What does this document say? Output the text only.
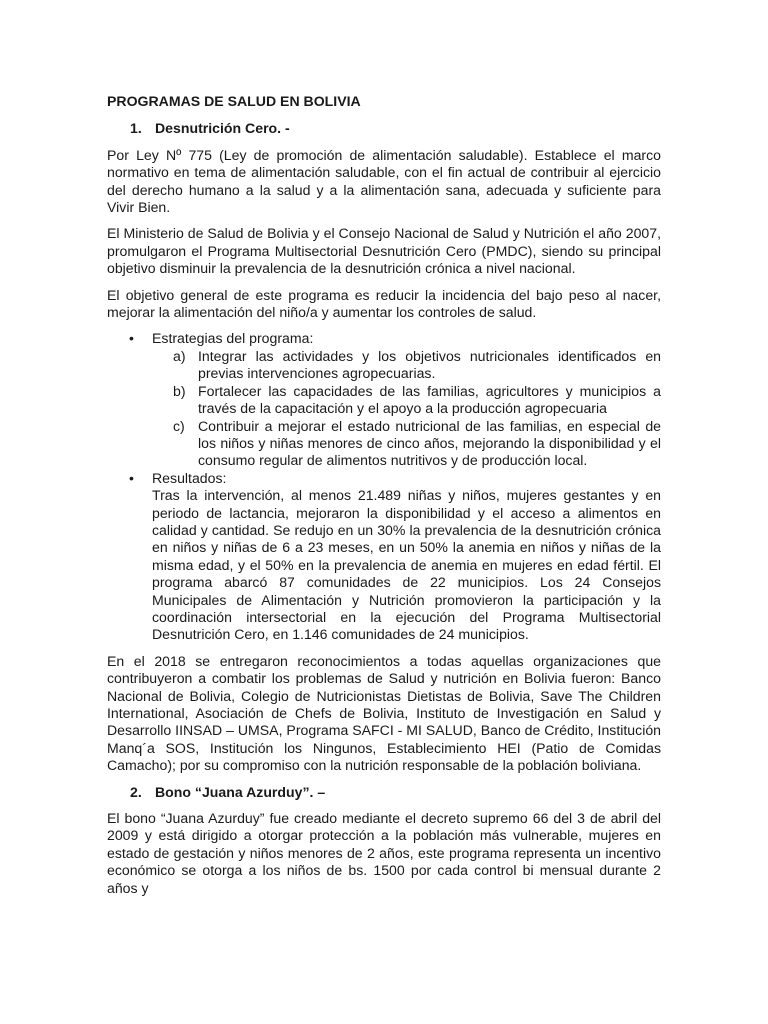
PROGRAMAS DE SALUD EN BOLIVIA

1. Desnutrición Cero. -

Por Ley Nº 775 (Ley de promoción de alimentación saludable). Establece el marco normativo en tema de alimentación saludable, con el fin actual de contribuir al ejercicio del derecho humano a la salud y a la alimentación sana, adecuada y suficiente para Vivir Bien.

El Ministerio de Salud de Bolivia y el Consejo Nacional de Salud y Nutrición el año 2007, promulgaron el Programa Multisectorial Desnutrición Cero (PMDC), siendo su principal objetivo disminuir la prevalencia de la desnutrición crónica a nivel nacional.

El objetivo general de este programa es reducir la incidencia del bajo peso al nacer, mejorar la alimentación del niño/a y aumentar los controles de salud.

•	Estrategias del programa:
a) Integrar las actividades y los objetivos nutricionales identificados en previas intervenciones agropecuarias.
b) Fortalecer las capacidades de las familias, agricultores y municipios a través de la capacitación y el apoyo a la producción agropecuaria
c) Contribuir a mejorar el estado nutricional de las familias, en especial de los niños y niñas menores de cinco años, mejorando la disponibilidad y el consumo regular de alimentos nutritivos y de producción local.
•	Resultados:

Tras la intervención, al menos 21.489 niñas y niños, mujeres gestantes y en periodo de lactancia, mejoraron la disponibilidad y el acceso a alimentos en calidad y cantidad. Se redujo en un 30% la prevalencia de la desnutrición crónica en niños y niñas de 6 a 23 meses, en un 50% la anemia en niños y niñas de la misma edad, y el 50% en la prevalencia de anemia en mujeres en edad fértil. El programa abarcó 87 comunidades de 22 municipios. Los 24 Consejos Municipales de Alimentación y Nutrición promovieron la participación y la coordinación intersectorial en la ejecución del Programa Multisectorial Desnutrición Cero, en 1.146 comunidades de 24 municipios.

En el 2018 se entregaron reconocimientos a todas aquellas organizaciones que contribuyeron a combatir los problemas de Salud y nutrición en Bolivia fueron: Banco Nacional de Bolivia, Colegio de Nutricionistas Dietistas de Bolivia, Save The Children International, Asociación de Chefs de Bolivia, Instituto de Investigación en Salud y Desarrollo IINSAD – UMSA, Programa SAFCI - MI SALUD, Banco de Crédito, Institución Manq´a SOS, Institución los Ningunos, Establecimiento HEI (Patio de Comidas Camacho); por su compromiso con la nutrición responsable de la población boliviana.

2. Bono “Juana Azurduy”. –

El bono “Juana Azurduy” fue creado mediante el decreto supremo 66 del 3 de abril del 2009 y está dirigido a otorgar protección a la población más vulnerable, mujeres en estado de gestación y niños menores de 2 años, este programa representa un incentivo económico se otorga a los niños de bs. 1500 por cada control bi mensual durante 2 años y
